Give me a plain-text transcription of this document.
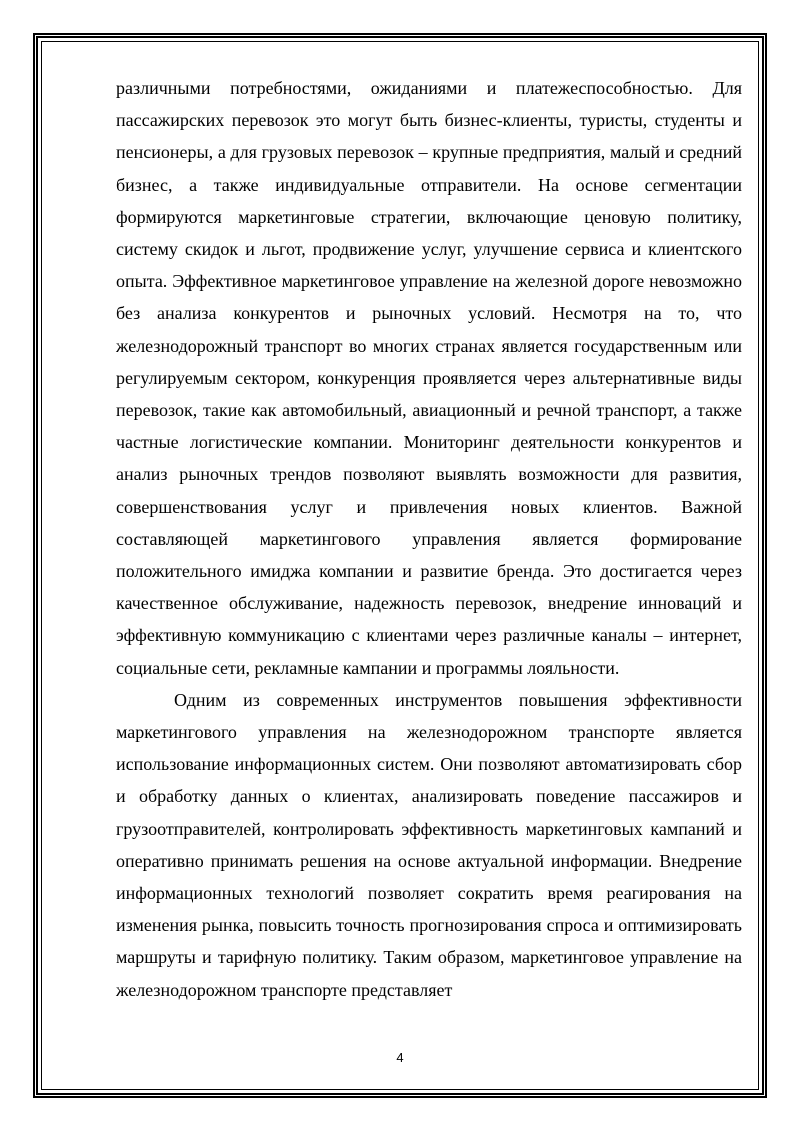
различными потребностями, ожиданиями и платежеспособностью. Для пассажирских перевозок это могут быть бизнес-клиенты, туристы, студенты и пенсионеры, а для грузовых перевозок – крупные предприятия, малый и средний бизнес, а также индивидуальные отправители. На основе сегментации формируются маркетинговые стратегии, включающие ценовую политику, систему скидок и льгот, продвижение услуг, улучшение сервиса и клиентского опыта. Эффективное маркетинговое управление на железной дороге невозможно без анализа конкурентов и рыночных условий. Несмотря на то, что железнодорожный транспорт во многих странах является государственным или регулируемым сектором, конкуренция проявляется через альтернативные виды перевозок, такие как автомобильный, авиационный и речной транспорт, а также частные логистические компании. Мониторинг деятельности конкурентов и анализ рыночных трендов позволяют выявлять возможности для развития, совершенствования услуг и привлечения новых клиентов. Важной составляющей маркетингового управления является формирование положительного имиджа компании и развитие бренда. Это достигается через качественное обслуживание, надежность перевозок, внедрение инноваций и эффективную коммуникацию с клиентами через различные каналы – интернет, социальные сети, рекламные кампании и программы лояльности.

Одним из современных инструментов повышения эффективности маркетингового управления на железнодорожном транспорте является использование информационных систем. Они позволяют автоматизировать сбор и обработку данных о клиентах, анализировать поведение пассажиров и грузоотправителей, контролировать эффективность маркетинговых кампаний и оперативно принимать решения на основе актуальной информации. Внедрение информационных технологий позволяет сократить время реагирования на изменения рынка, повысить точность прогнозирования спроса и оптимизировать маршруты и тарифную политику. Таким образом, маркетинговое управление на железнодорожном транспорте представляет

4
